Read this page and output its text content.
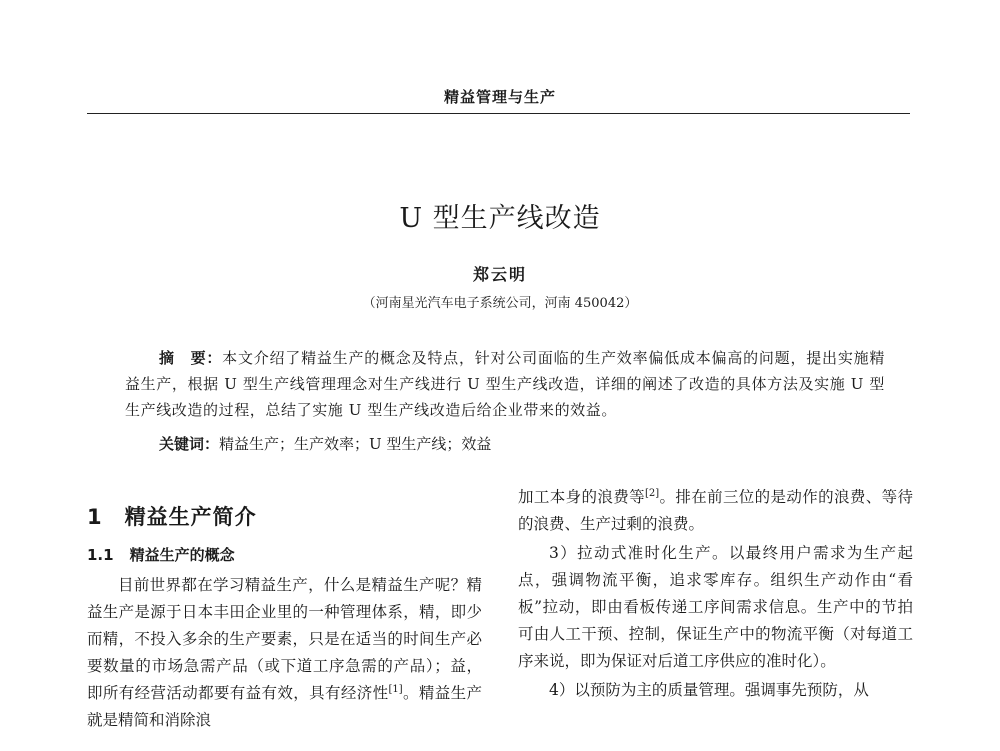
精益管理与生产
U 型生产线改造
郑云明
（河南星光汽车电子系统公司，河南 450042）
摘　要：本文介绍了精益生产的概念及特点，针对公司面临的生产效率偏低成本偏高的问题，提出实施精益生产，根据 U 型生产线管理理念对生产线进行 U 型生产线改造，详细的阐述了改造的具体方法及实施 U 型生产线改造的过程，总结了实施 U 型生产线改造后给企业带来的效益。
关键词：精益生产；生产效率；U 型生产线；效益
1 精益生产简介
1.1 精益生产的概念

目前世界都在学习精益生产，什么是精益生产呢？精益生产是源于日本丰田企业里的一种管理体系，精，即少而精，不投入多余的生产要素，只是在适当的时间生产必要数量的市场急需产品（或下道工序急需的产品）；益，即所有经营活动都要有益有效，具有经济性[1]。精益生产就是精简和消除浪

加工本身的浪费等[2]。排在前三位的是动作的浪费、等待的浪费、生产过剩的浪费。

3）拉动式准时化生产。以最终用户需求为生产起点，强调物流平衡，追求零库存。组织生产动作由“看板”拉动，即由看板传递工序间需求信息。生产中的节拍可由人工干预、控制，保证生产中的物流平衡（对每道工序来说，即为保证对后道工序供应的准时化）。

4）以预防为主的质量管理。强调事先预防，从
